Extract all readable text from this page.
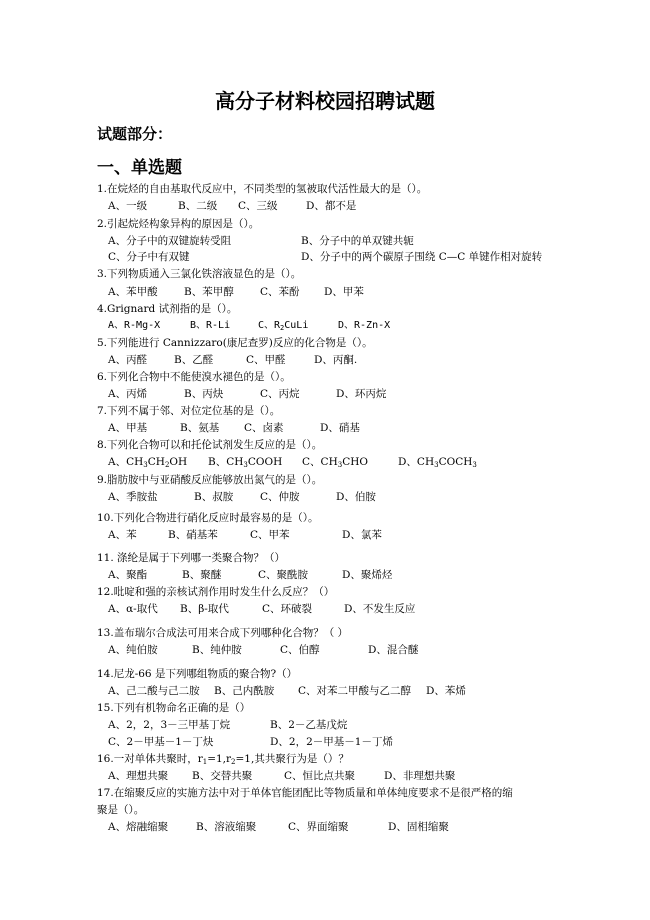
高分子材料校园招聘试题
试题部分：
一、单选题
1.在烷烃的自由基取代反应中，不同类型的氢被取代活性最大的是（）。
A、一级	B、二级 C、三级	D、都不是
2.引起烷烃构象异构的原因是（）。
A、分子中的双键旋转受阻	B、分子中的单双键共轭
C、分子中有双键	D、分子中的两个碳原子围绕 C—C 单键作相对旋转
3.下列物质通入三氯化铁溶液显色的是（）。
A、苯甲酸	B、苯甲醇	C、苯酚 D、甲苯
4.Grignard 试剂指的是（）。
A、R-Mg-X	B、R-Li	C、$R_2CuLi$	D、R-Zn-X
5.下列能进行 Cannizzaro(康尼查罗)反应的化合物是（）。
A、丙醛	B、乙醛	C、甲醛	D、丙酮.
6.下列化合物中不能使溴水褪色的是（）。
A、丙烯	B、丙炔	C、丙烷	D、环丙烷
7.下列不属于邻、对位定位基的是（）。
A、甲基	B、氨基 C、卤素	D、硝基
8.下列化合物可以和托伦试剂发生反应的是（）。
A、$CH_3CH_2OH$ B、$CH_3COOH$ C、$CH_3CHO$	D、$CH_3COCH_3$
9.脂肪胺中与亚硝酸反应能够放出氮气的是（）。
A、季胺盐	B、叔胺	C、仲胺	D、伯胺
10.下列化合物进行硝化反应时最容易的是（）。
A、苯	B、硝基苯	C、甲苯	D、氯苯
11. 涤纶是属于下列哪一类聚合物？（）
A、聚酯	B、聚醚	C、聚酰胺	D、聚烯烃
12.吡啶和强的亲核试剂作用时发生什么反应？（）
A、α-取代 B、β-取代	C、环破裂	D、不发生反应
13.盖布瑞尔合成法可用来合成下列哪种化合物？（ ）
A、纯伯胺	B、纯仲胺	C、伯醇	D、混合醚
14.尼龙-66 是下列哪组物质的聚合物?（）
A、己二酸与己二胺 B、己内酰胺 C、对苯二甲酸与乙二醇 D、苯烯
15.下列有机物命名正确的是（）
A、2，2，3－三甲基丁烷	B、2－乙基戊烷
C、2－甲基－1－丁炔	D、2，2－甲基－1－丁烯
16.一对单体共聚时，$r_1=1,r_2=1$,其共聚行为是（）？
A、理想共聚 B、交替共聚	C、恒比点共聚	D、非理想共聚
17.在缩聚反应的实施方法中对于单体官能团配比等物质量和单体纯度要求不是很严格的缩
聚是（）。
A、熔融缩聚	B、溶液缩聚	C、界面缩聚	D、固相缩聚
